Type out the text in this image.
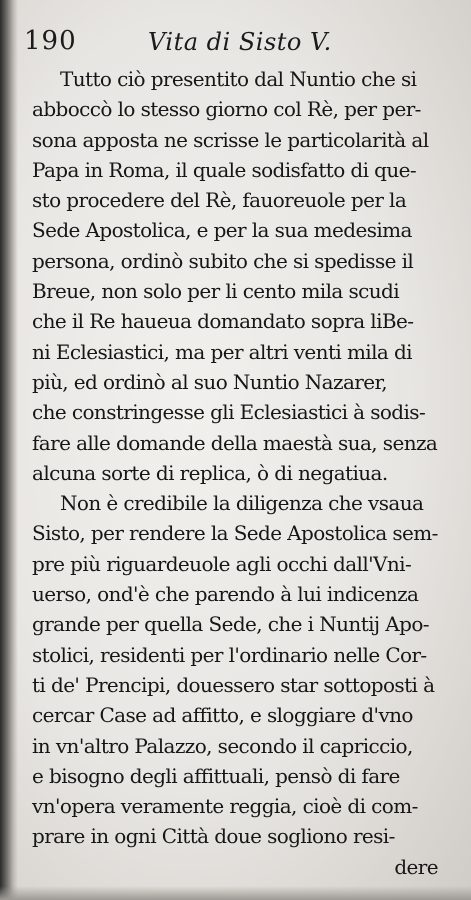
190	Vita di Sisto V.
Tutto ciò presentito dal Nuntio che si
abboccò lo stesso giorno col Rè, per per-
sona apposta ne scrisse le particolarità al
Papa in Roma, il quale sodisfatto di que-
sto procedere del Rè, fauoreuole per la
Sede Apostolica, e per la sua medesima
persona, ordinò subito che si spedisse il
Breue, non solo per li cento mila scudi
che il Re haueua domandato sopra liBe-
ni Eclesiastici, ma per altri venti mila di
più, ed ordinò al suo Nuntio Nazarer,
che constringesse gli Eclesiastici à sodis-
fare alle domande della maestà sua, senza
alcuna sorte di replica, ò di negatiua.
Non è credibile la diligenza che vsaua
Sisto, per rendere la Sede Apostolica sem-
pre più riguardeuole agli occhi dall'Vni-
uerso, ond'è che parendo à lui indicenza
grande per quella Sede, che i Nuntij Apo-
stolici, residenti per l'ordinario nelle Cor-
ti de' Prencipi, douessero star sottoposti à
cercar Case ad affitto, e sloggiare d'vno
in vn'altro Palazzo, secondo il capriccio,
e bisogno degli affittuali, pensò di fare
vn'opera veramente reggia, cioè di com-
prare in ogni Città doue sogliono resi-
dere
